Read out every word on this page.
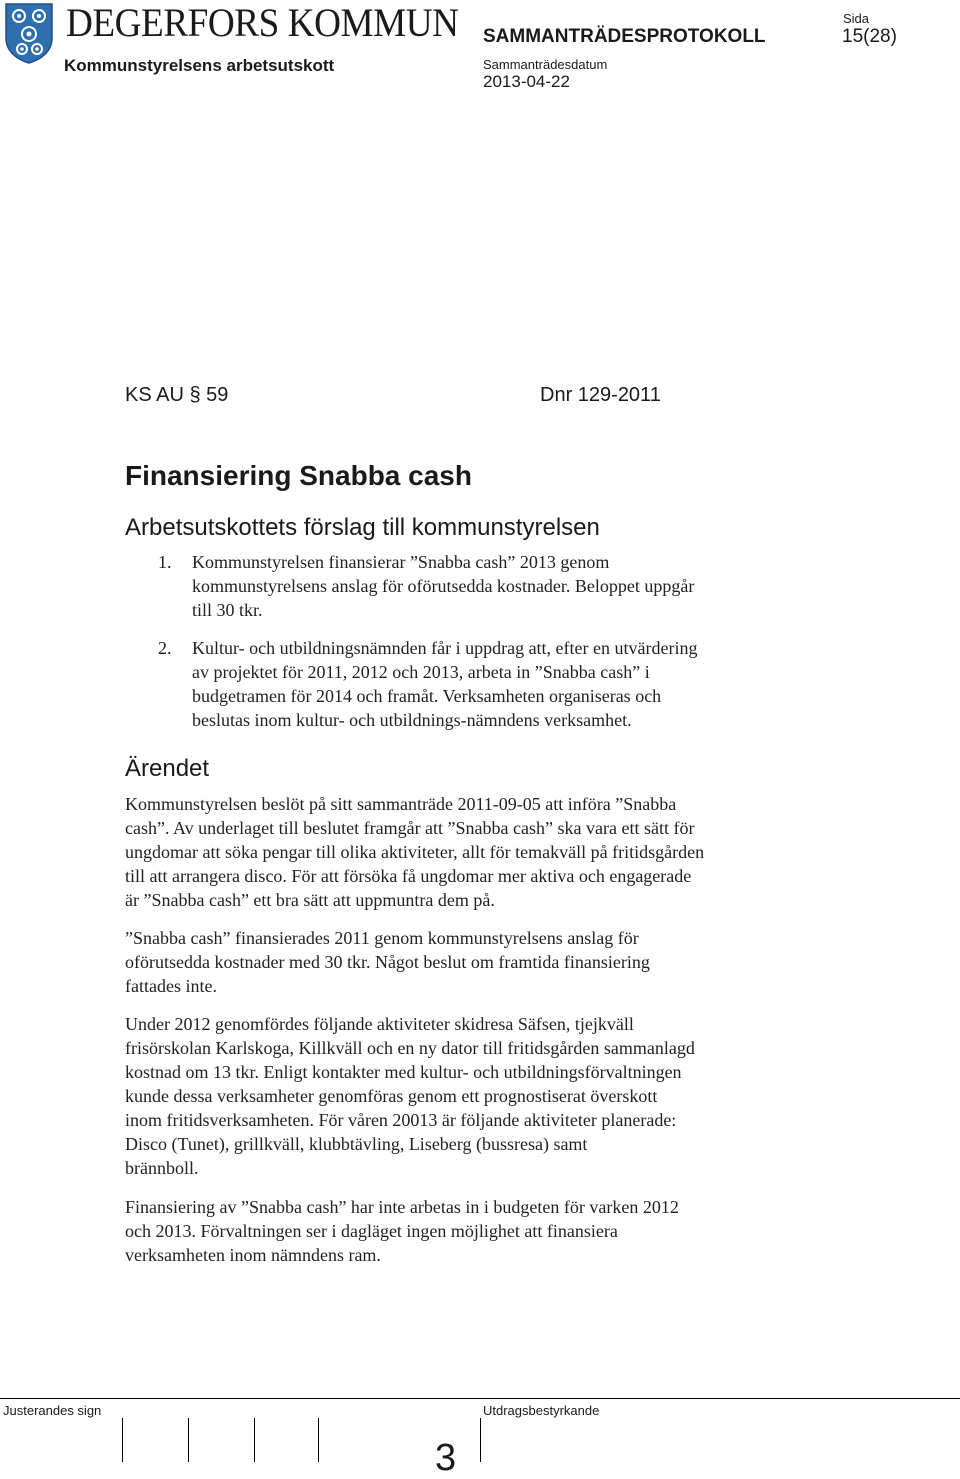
DEGERFORS KOMMUN
Kommunstyrelsens arbetsutskott
SAMMANTRÄDESPROTOKOLL
Sammanträdesdatum
2013-04-22
Sida
15(28)
KS AU § 59	Dnr 129-2011
Finansiering Snabba cash
Arbetsutskottets förslag till kommunstyrelsen
1. Kommunstyrelsen finansierar ”Snabba cash” 2013 genom
kommunstyrelsens anslag för oförutsedda kostnader. Beloppet uppgår
till 30 tkr.
2. Kultur- och utbildningsnämnden får i uppdrag att, efter en utvärdering
av projektet för 2011, 2012 och 2013, arbeta in ”Snabba cash” i
budgetramen för 2014 och framåt. Verksamheten organiseras och
beslutas inom kultur- och utbildnings-nämndens verksamhet.
Ärendet
Kommunstyrelsen beslöt på sitt sammanträde 2011-09-05 att införa ”Snabba
cash”. Av underlaget till beslutet framgår att ”Snabba cash” ska vara ett sätt för
ungdomar att söka pengar till olika aktiviteter, allt för temakväll på fritidsgården
till att arrangera disco. För att försöka få ungdomar mer aktiva och engagerade
är ”Snabba cash” ett bra sätt att uppmuntra dem på.
”Snabba cash” finansierades 2011 genom kommunstyrelsens anslag för
oförutsedda kostnader med 30 tkr. Något beslut om framtida finansiering
fattades inte.
Under 2012 genomfördes följande aktiviteter skidresa Säfsen, tjejkväll
frisörskolan Karlskoga, Killkväll och en ny dator till fritidsgården sammanlagd
kostnad om 13 tkr. Enligt kontakter med kultur- och utbildningsförvaltningen
kunde dessa verksamheter genomföras genom ett prognostiserat överskott
inom fritidsverksamheten. För våren 20013 är följande aktiviteter planerade:
Disco (Tunet), grillkväll, klubbtävling, Liseberg (bussresa) samt
brännboll.
Finansiering av ”Snabba cash” har inte arbetas in i budgeten för varken 2012
och 2013. Förvaltningen ser i dagläget ingen möjlighet att finansiera
verksamheten inom nämndens ram.
Justerandes sign	Utdragsbestyrkande
3
